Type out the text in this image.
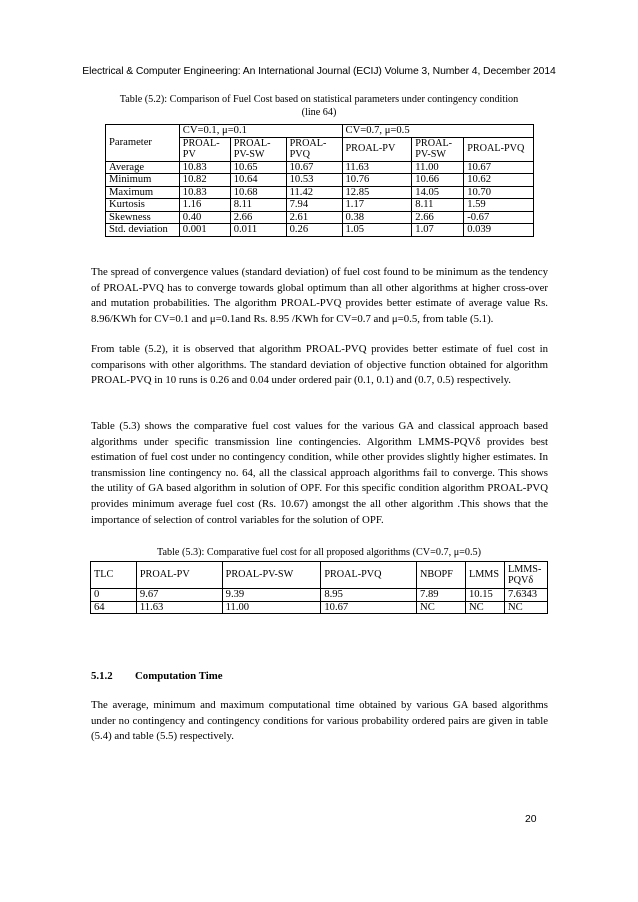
Electrical & Computer Engineering: An International Journal (ECIJ) Volume 3, Number 4, December 2014
Table (5.2): Comparison of Fuel Cost based on statistical parameters under contingency condition
(line 64)
Parameter	CV=0.1, μ=0.1			CV=0.7, μ=0.5		
	PROAL-PV	PROAL-PV-SW	PROAL-PVQ	PROAL-PV	PROAL-PV-SW	PROAL-PVQ
Average	10.83	10.65	10.67	11.63	11.00	10.67
Minimum	10.82	10.64	10.53	10.76	10.66	10.62
Maximum	10.83	10.68	11.42	12.85	14.05	10.70
Kurtosis	1.16	8.11	7.94	1.17	8.11	1.59
Skewness	0.40	2.66	2.61	0.38	2.66	-0.67
Std. deviation	0.001	0.011	0.26	1.05	1.07	0.039

The spread of convergence values (standard deviation) of fuel cost found to be minimum as the tendency of PROAL-PVQ has to converge towards global optimum than all other algorithms at higher cross-over and mutation probabilities. The algorithm PROAL-PVQ provides better estimate of average value Rs. 8.96/KWh for CV=0.1 and μ=0.1and Rs. 8.95 /KWh for CV=0.7 and μ=0.5, from table (5.1).

From table (5.2), it is observed that algorithm PROAL-PVQ provides better estimate of fuel cost in comparisons with other algorithms. The standard deviation of objective function obtained for algorithm PROAL-PVQ in 10 runs is 0.26 and 0.04 under ordered pair (0.1, 0.1) and (0.7, 0.5) respectively.

Table (5.3) shows the comparative fuel cost values for the various GA and classical approach based algorithms under specific transmission line contingencies. Algorithm LMMS-PQVδ provides best estimation of fuel cost under no contingency condition, while other provides slightly higher estimates. In transmission line contingency no. 64, all the classical approach algorithms fail to converge. This shows the utility of GA based algorithm in solution of OPF. For this specific condition algorithm PROAL-PVQ provides minimum average fuel cost (Rs. 10.67) amongst the all other algorithm .This shows that the importance of selection of control variables for the solution of OPF.

Table (5.3): Comparative fuel cost for all proposed algorithms (CV=0.7, μ=0.5)
TLC	PROAL-PV	PROAL-PV-SW	PROAL-PVQ	NBOPF	LMMS	LMMS-PQVδ
0	9.67	9.39	8.95	7.89	10.15	7.6343
64	11.63	11.00	10.67	NC	NC	NC
5.1.2 Computation Time

The average, minimum and maximum computational time obtained by various GA based algorithms under no contingency and contingency conditions for various probability ordered pairs are given in table (5.4) and table (5.5) respectively.

20
